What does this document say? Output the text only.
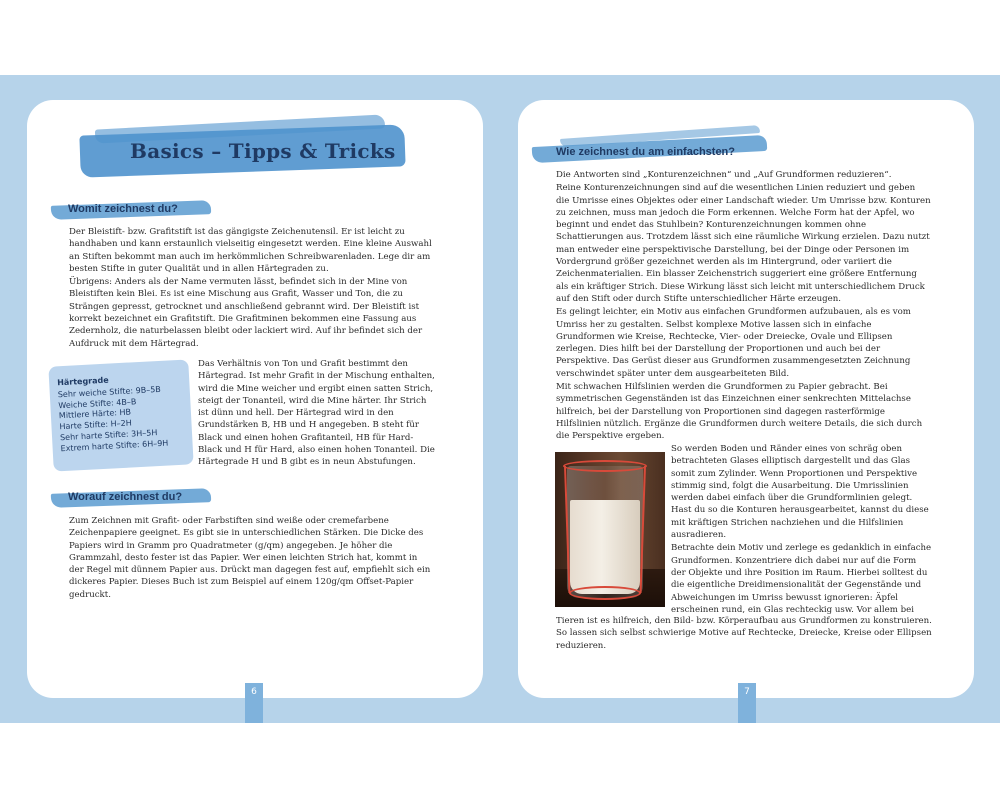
Basics – Tipps & Tricks
Womit zeichnest du?

Der Bleistift- bzw. Grafitstift ist das gängigste Zeichenutensil. Er ist leicht zu handhaben und kann erstaunlich vielseitig eingesetzt werden. Eine kleine Auswahl an Stiften bekommt man auch im herkömmlichen Schreibwarenladen. Lege dir am besten Stifte in guter Qualität und in allen Härtegraden zu.

Übrigens: Anders als der Name vermuten lässt, befindet sich in der Mine von Bleistiften kein Blei. Es ist eine Mischung aus Grafit, Wasser und Ton, die zu Strängen gepresst, getrocknet und anschließend gebrannt wird. Der Bleistift ist korrekt bezeichnet ein Grafitstift. Die Grafitminen bekommen eine Fassung aus Zedernholz, die naturbelassen bleibt oder lackiert wird. Auf ihr befindet sich der Aufdruck mit dem Härtegrad.

Das Verhältnis von Ton und Grafit bestimmt den Härtegrad. Ist mehr Grafit in der Mischung enthalten, wird die Mine weicher und ergibt einen satten Strich, steigt der Tonanteil, wird die Mine härter. Ihr Strich ist dünn und hell. Der Härtegrad wird in den Grundstärken B, HB und H angegeben. B steht für Black und einen hohen Grafitanteil, HB für Hard-Black und H für Hard, also einen hohen Tonanteil. Die Härtegrade H und B gibt es in neun Abstufungen.

Härtegrade

Sehr weiche Stifte: 9B–5B
Weiche Stifte: 4B–B
Mittlere Härte: HB
Harte Stifte: H–2H
Sehr harte Stifte: 3H–5H
Extrem harte Stifte: 6H–9H
Worauf zeichnest du?

Zum Zeichnen mit Grafit- oder Farbstiften sind weiße oder cremefarbene Zeichenpapiere geeignet. Es gibt sie in unterschiedlichen Stärken. Die Dicke des Papiers wird in Gramm pro Quadratmeter (g/qm) angegeben. Je höher die Grammzahl, desto fester ist das Papier. Wer einen leichten Strich hat, kommt in der Regel mit dünnem Papier aus. Drückt man dagegen fest auf, empfiehlt sich ein dickeres Papier. Dieses Buch ist zum Beispiel auf einem 120g/qm Offset-Papier gedruckt.

6
Wie zeichnest du am einfachsten?

Die Antworten sind „Konturenzeichnen“ und „Auf Grundformen reduzieren“.

Reine Konturenzeichnungen sind auf die wesentlichen Linien reduziert und geben die Umrisse eines Objektes oder einer Landschaft wieder. Um Umrisse bzw. Konturen zu zeichnen, muss man jedoch die Form erkennen. Welche Form hat der Apfel, wo beginnt und endet das Stuhlbein? Konturenzeichnungen kommen ohne Schattierungen aus. Trotzdem lässt sich eine räumliche Wirkung erzielen. Dazu nutzt man entweder eine perspektivische Darstellung, bei der Dinge oder Personen im Vordergrund größer gezeichnet werden als im Hintergrund, oder variiert die Zeichenmaterialien. Ein blasser Zeichenstrich suggeriert eine größere Entfernung als ein kräftiger Strich. Diese Wirkung lässt sich leicht mit unterschiedlichem Druck auf den Stift oder durch Stifte unterschiedlicher Härte erzeugen.

Es gelingt leichter, ein Motiv aus einfachen Grundformen aufzubauen, als es vom Umriss her zu gestalten. Selbst komplexe Motive lassen sich in einfache Grundformen wie Kreise, Rechtecke, Vier- oder Dreiecke, Ovale und Ellipsen zerlegen. Dies hilft bei der Darstellung der Proportionen und auch bei der Perspektive. Das Gerüst dieser aus Grundformen zusammengesetzten Zeichnung verschwindet später unter dem ausgearbeiteten Bild.

Mit schwachen Hilfslinien werden die Grundformen zu Papier gebracht. Bei symmetrischen Gegenständen ist das Einzeichnen einer senkrechten Mittelachse hilfreich, bei der Darstellung von Proportionen sind dagegen rasterförmige Hilfslinien nützlich. Ergänze die Grundformen durch weitere Details, die sich durch die Perspektive ergeben.

So werden Boden und Ränder eines von schräg oben betrachteten Glases elliptisch dargestellt und das Glas somit zum Zylinder. Wenn Proportionen und Perspektive stimmig sind, folgt die Ausarbeitung. Die Umrisslinien werden dabei einfach über die Grundformlinien gelegt. Hast du so die Konturen herausgearbeitet, kannst du diese mit kräftigen Strichen nachziehen und die Hilfslinien ausradieren.

Betrachte dein Motiv und zerlege es gedanklich in einfache Grundformen. Konzentriere dich dabei nur auf die Form der Objekte und ihre Position im Raum. Hierbei solltest du die eigentliche Dreidimensionalität der Gegenstände und Abweichungen im Umriss bewusst ignorieren: Äpfel erscheinen rund, ein Glas rechteckig usw. Vor allem bei

Tieren ist es hilfreich, den Bild- bzw. Körperaufbau aus Grundformen zu konstruieren. So lassen sich selbst schwierige Motive auf Rechtecke, Dreiecke, Kreise oder Ellipsen reduzieren.

7
